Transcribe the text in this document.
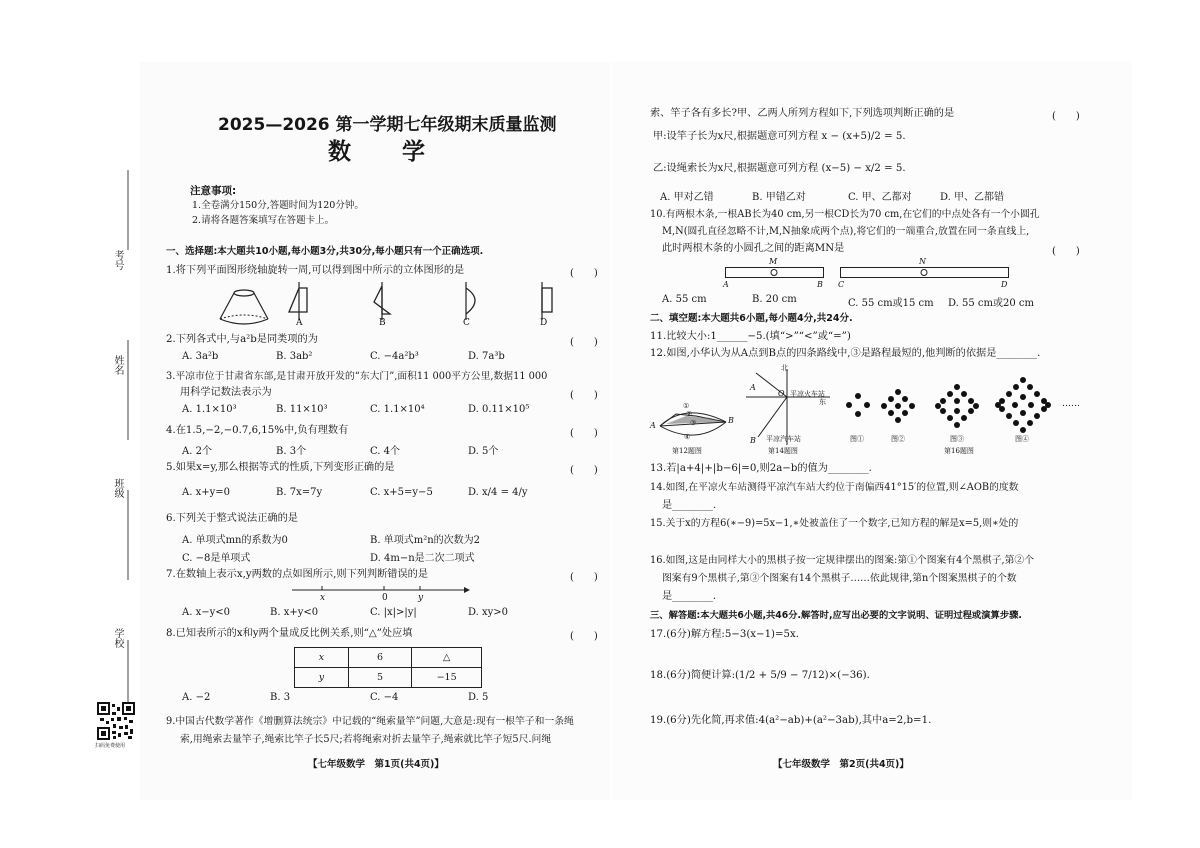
考号
姓名
班级
学校
扫码免费使用
2025—2026 第一学期七年级期末质量监测
数　学
注意事项:
1.全卷满分150分,答题时间为120分钟。
2.请将各题答案填写在答题卡上。
一、选择题:本大题共10小题,每小题3分,共30分,每小题只有一个正确选项.
1.将下列平面图形绕轴旋转一周,可以得到图中所示的立体图形的是	(　　)
A	B	C	D
2.下列各式中,与a²b是同类项的为	(　　)
A. 3a²b	B. 3ab²	C. −4a²b³	D. 7a³b
3.平凉市位于甘肃省东部,是甘肃开放开发的“东大门”,面积11 000平方公里,数据11 000
用科学记数法表示为	(　　)
A. 1.1×10³	B. 11×10³	C. 1.1×10⁴	D. 0.11×10⁵
4.在1.5,−2,−0.7,6,15%中,负有理数有	(　　)
A. 2个	B. 3个	C. 4个	D. 5个
5.如果x=y,那么根据等式的性质,下列变形正确的是	(　　)
A. x+y=0	B. 7x=7y	C. x+5=y−5	D. x/4 = 4/y
6.下列关于整式说法正确的是
A. 单项式mn的系数为0	B. 单项式m²n的次数为2
C. −8是单项式	D. 4m−n是二次二项式
7.在数轴上表示x,y两数的点如图所示,则下列判断错误的是	(　　)
x	0	y
A. x−y<0	B. x+y<0	C. |x|>|y|	D. xy>0
8.已知表所示的x和y两个量成反比例关系,则“△”处应填	(　　)
x	6	△
y	5	−15
A. −2	B. 3	C. −4	D. 5
9.中国古代数学著作《增删算法统宗》中记载的“绳索量竿”问题,大意是:现有一根竿子和一条绳
索,用绳索去量竿子,绳索比竿子长5尺;若将绳索对折去量竿子,绳索就比竿子短5尺.问绳
【七年级数学　第1页(共4页)】
索、竿子各有多长?甲、乙两人所列方程如下,下列选项判断正确的是	(　　)
甲:设竿子长为x尺,根据题意可列方程 x − (x+5)/2 = 5.
乙:设绳索长为x尺,根据题意可列方程 (x−5) − x/2 = 5.
A. 甲对乙错	B. 甲错乙对	C. 甲、乙都对	D. 甲、乙都错
10.有两根木条,一根AB长为40 cm,另一根CD长为70 cm,在它们的中点处各有一个小圆孔
M,N(圆孔直径忽略不计,M,N抽象成两个点),将它们的一端重合,放置在同一条直线上,
此时两根木条的小圆孔之间的距离MN是	(　　)
A
M
B C
N
D
A. 55 cm	B. 20 cm	C. 55 cm或15 cm D. 55 cm或20 cm
二、填空题:本大题共6小题,每小题4分,共24分.
11.比较大小:1______−5.(填“>”“<”或“=”)
12.如图,小华认为从A点到B点的四条路线中,③是路程最短的,他判断的依据是________.
A
B
①
②
③
④
第12题图
北
东
平凉火车站
平凉汽车站
O
A
B
第14题图
……
图①	图②	图③	图④
第16题图
13.若|a+4|+|b−6|=0,则2a−b的值为________.
14.如图,在平凉火车站测得平凉汽车站大约位于南偏西41°15′的位置,则∠AOB的度数
是________.
15.关于x的方程6(∗−9)=5x−1,∗处被盖住了一个数字,已知方程的解是x=5,则∗处的
16.如图,这是由同样大小的黑棋子按一定规律摆出的图案:第①个图案有4个黑棋子,第②个
图案有9个黑棋子,第③个图案有14个黑棋子……依此规律,第n个图案黑棋子的个数
是________.
三、解答题:本大题共6小题,共46分.解答时,应写出必要的文字说明、证明过程或演算步骤.
17.(6分)解方程:5−3(x−1)=5x.
18.(6分)简便计算:(1/2 + 5/9 − 7/12)×(−36).
19.(6分)先化简,再求值:4(a²−ab)+(a²−3ab),其中a=2,b=1.
【七年级数学　第2页(共4页)】
